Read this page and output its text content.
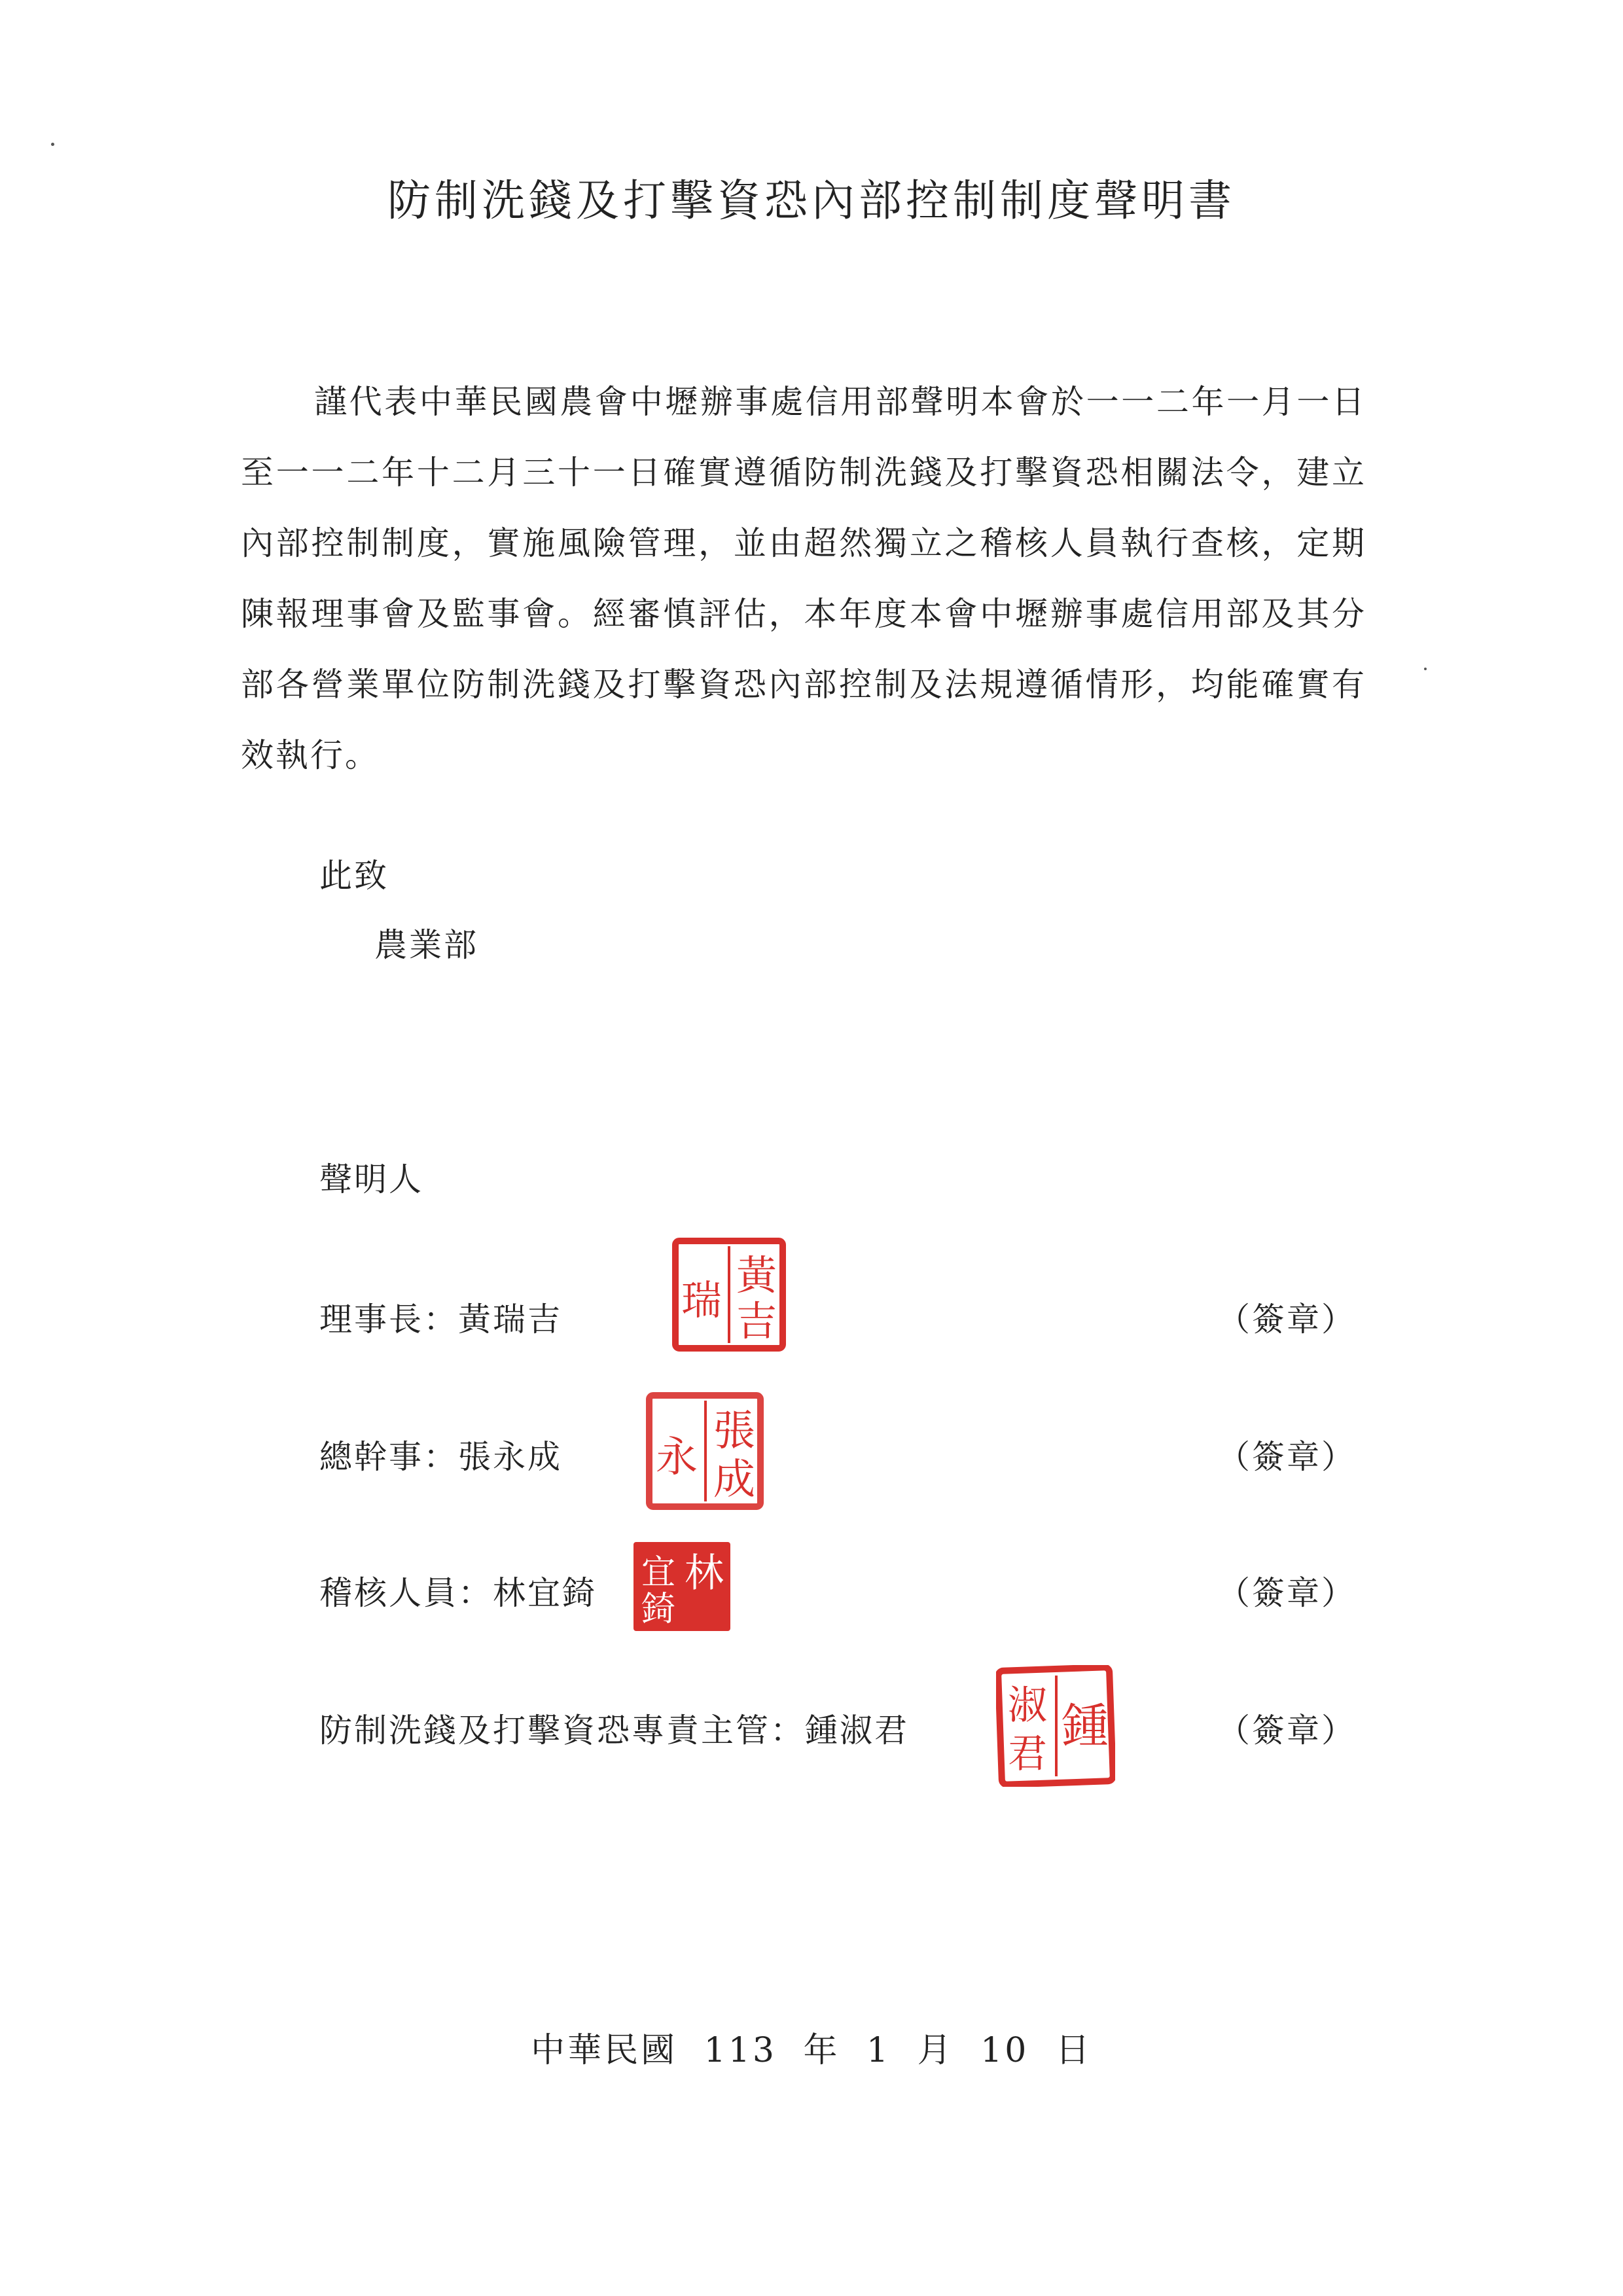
防制洗錢及打擊資恐內部控制制度聲明書

謹代表中華民國農會中壢辦事處信用部聲明本會於一一二年一月一日至一一二年十二月三十一日確實遵循防制洗錢及打擊資恐相關法令，建立內部控制制度，實施風險管理，並由超然獨立之稽核人員執行查核，定期陳報理事會及監事會。經審慎評估，本年度本會中壢辦事處信用部及其分部各營業單位防制洗錢及打擊資恐內部控制及法規遵循情形，均能確實有效執行。

此致
農業部
聲明人
理事長：黃瑞吉	（簽章）
黃
瑞 吉
總幹事：張永成	（簽章）
張
永 成
稽核人員：林宜錡	（簽章）
林
宜
錡
防制洗錢及打擊資恐專責主管：鍾淑君	（簽章）
鍾
淑
君
中華民國 113 年 1 月 10 日
